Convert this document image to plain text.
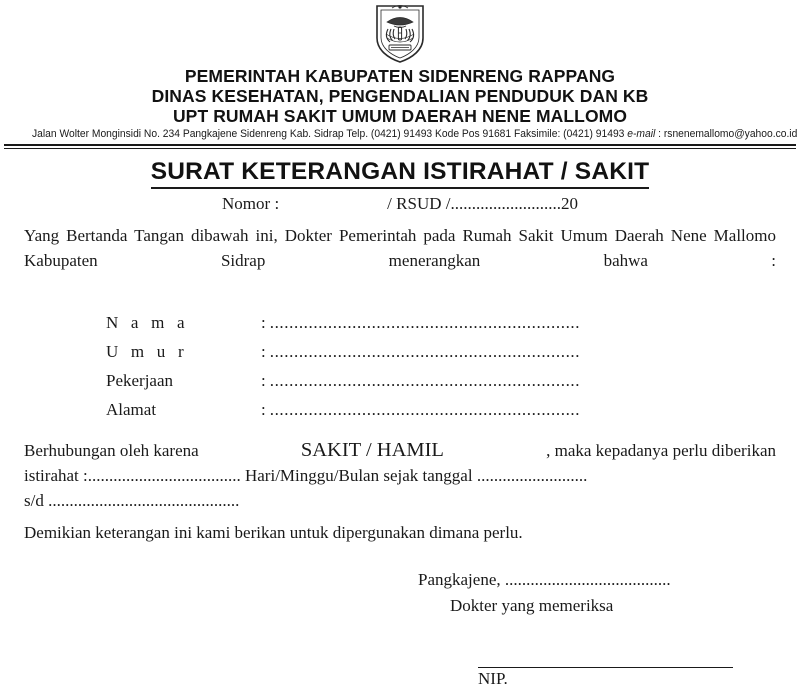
PEMERINTAH KABUPATEN SIDENRENG RAPPANG
DINAS KESEHATAN, PENGENDALIAN PENDUDUK DAN KB
UPT RUMAH SAKIT UMUM DAERAH NENE MALLOMO
Jalan Wolter Monginsidi No. 234 Pangkajene Sidenreng Kab. Sidrap Telp. (0421) 91493 Kode Pos 91681 Faksimile: (0421) 91493 e-mail : rsnenemallomo@yahoo.co.id
SURAT KETERANGAN ISTIRAHAT / SAKIT
Nomor :	/ RSUD /..........................20
Yang Bertanda Tangan dibawah ini, Dokter Pemerintah pada Rumah Sakit Umum Daerah Nene Mallomo Kabupaten Sidrap menerangkan bahwa :
N a m a	: ................................................................
U m u r	: ................................................................
Pekerjaan	: ................................................................
Alamat	: ................................................................
Berhubungan oleh karena	SAKIT / HAMIL	, maka kepadanya perlu diberikan
istirahat :.................................... Hari/Minggu/Bulan sejak tanggal ..........................
s/d .............................................
Demikian keterangan ini kami berikan untuk dipergunakan dimana perlu.
Pangkajene, .......................................
Dokter yang memeriksa
NIP.
